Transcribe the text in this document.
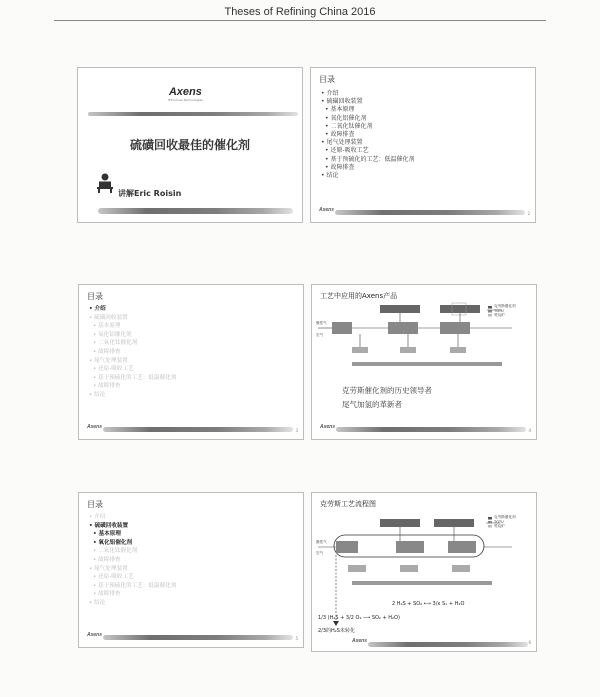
Theses of Refining China 2016
Axens
IFP Group Technologies
硫磺回收最佳的催化剂
讲解Eric Roisin
目录
• 介绍
• 硫磺回收装置
• 基本原理
• 氧化铝催化剂
• 二氧化钛催化剂
• 故障排查
• 尾气处理装置
• 还原-吸收工艺
• 基于预硫化的工艺：低温催化剂
• 故障排查
• 结论
Axens
2
目录
• 介绍
• 硫磺回收装置
• 基本原理
• 氧化铝催化剂
• 二氧化钛催化剂
• 故障排查
• 尾气处理装置
• 还原-吸收工艺
• 基于预硫化的工艺：低温催化剂
• 故障排查
• 结论
Axens
3
工艺中应用的Axens产品
克劳斯催化剂
TGTU
焚烧炉
酸性气
空气
克劳斯催化剂的历史领导者
尾气加氢的革新者
Axens
4
目录
• 介绍
• 硫磺回收装置
• 基本原理
• 氧化铝催化剂
• 二氧化钛催化剂
• 故障排查
• 尾气处理装置
• 还原-吸收工艺
• 基于预硫化的工艺：低温催化剂
• 故障排查
• 结论
Axens
5
克劳斯工艺流程图
克劳斯催化剂
TGTU
焚烧炉
酸性气
空气
2 H₂S + SO₂ ⟷ 3/x Sₓ + H₂O
1/3 (H₂S + 3/2 O₂ ⟶ SO₂ + H₂O)
2/3的H₂S未转化
Axens	6
